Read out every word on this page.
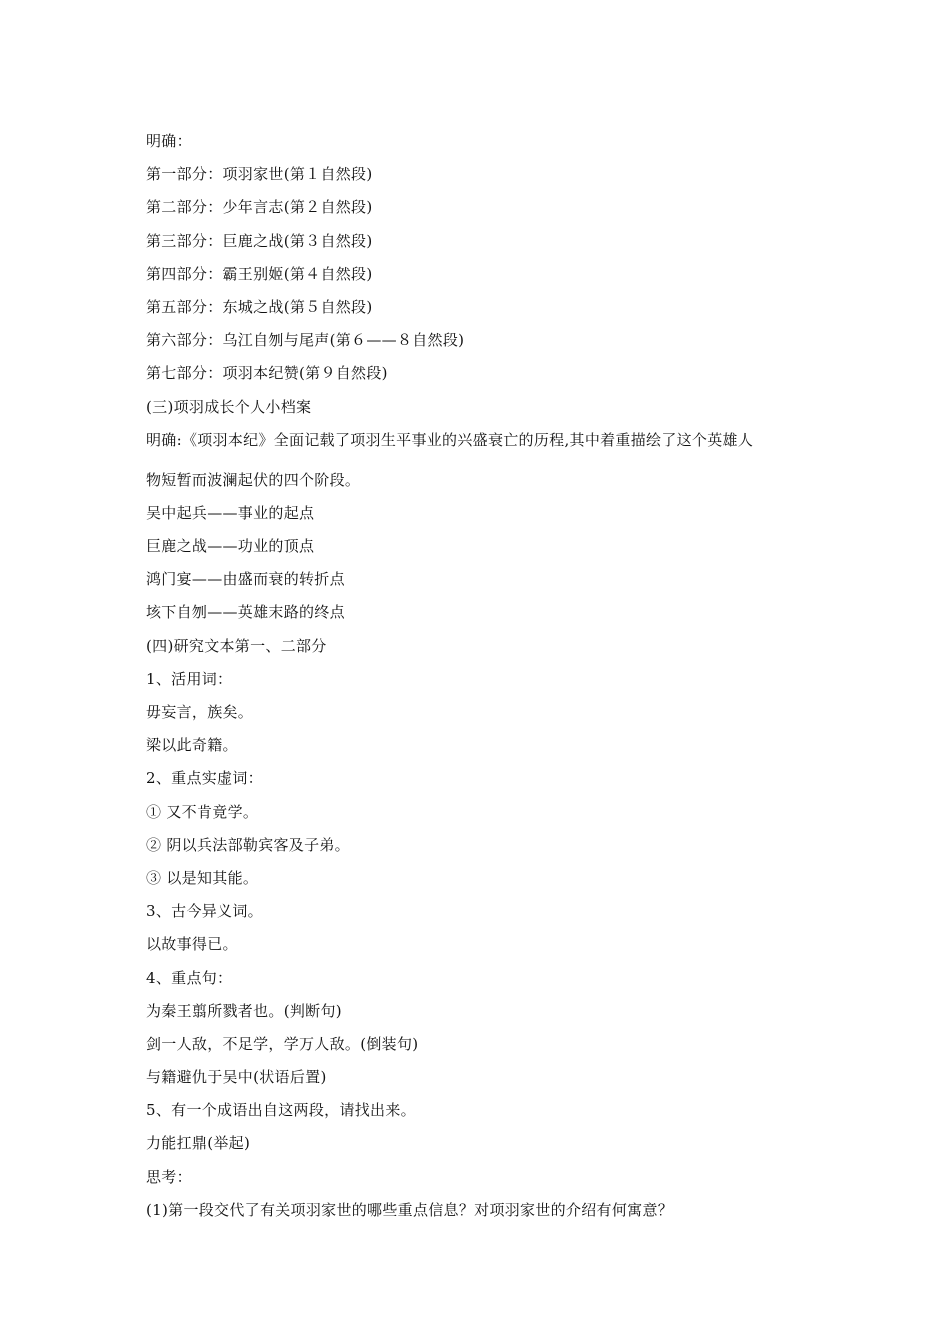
明确：
第一部分：项羽家世(第１自然段)
第二部分：少年言志(第２自然段)
第三部分：巨鹿之战(第３自然段)
第四部分：霸王别姬(第４自然段)
第五部分：东城之战(第５自然段)
第六部分：乌江自刎与尾声(第６——８自然段)
第七部分：项羽本纪赞(第９自然段)
(三)项羽成长个人小档案
明确:《项羽本纪》全面记载了项羽生平事业的兴盛衰亡的历程,其中着重描绘了这个英雄人
物短暂而波澜起伏的四个阶段。
吴中起兵——事业的起点
巨鹿之战——功业的顶点
鸿门宴——由盛而衰的转折点
垓下自刎——英雄末路的终点
(四)研究文本第一、二部分
1、活用词：
毋妄言，族矣。
梁以此奇籍。
2、重点实虚词：
① 又不肯竟学。
② 阴以兵法部勒宾客及子弟。
③ 以是知其能。
3、古今异义词。
以故事得已。
4、重点句：
为秦王翦所戮者也。(判断句)
剑一人敌，不足学，学万人敌。(倒装句)
与籍避仇于吴中(状语后置)
5、有一个成语出自这两段，请找出来。
力能扛鼎(举起)
思考：
(1)第一段交代了有关项羽家世的哪些重点信息？对项羽家世的介绍有何寓意？
